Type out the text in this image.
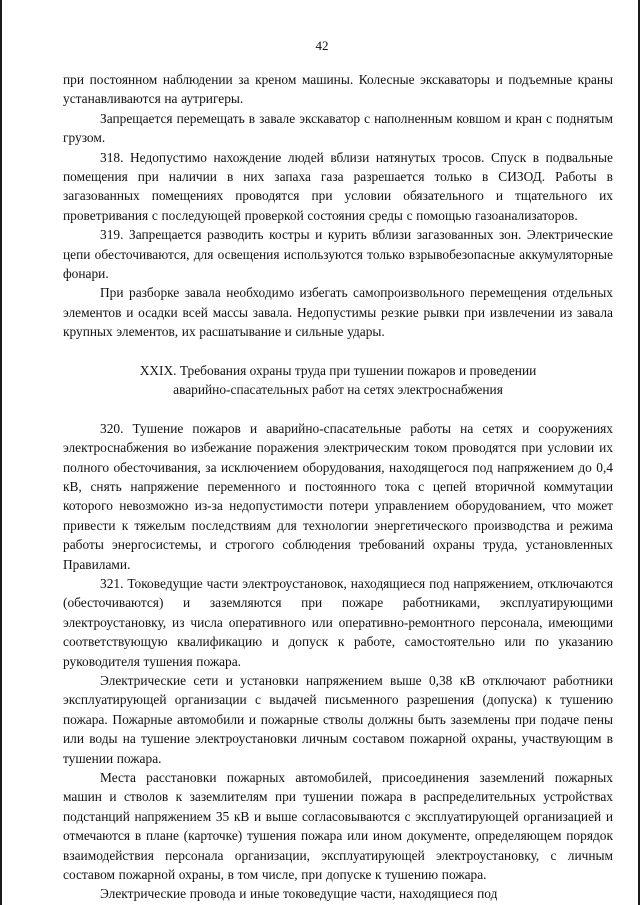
42

при постоянном наблюдении за креном машины. Колесные экскаваторы и подъемные краны устанавливаются на аутригеры.

Запрещается перемещать в завале экскаватор с наполненным ковшом и кран с поднятым грузом.

318. Недопустимо нахождение людей вблизи натянутых тросов. Спуск в подвальные помещения при наличии в них запаха газа разрешается только в СИЗОД. Работы в загазованных помещениях проводятся при условии обязательного и тщательного их проветривания с последующей проверкой состояния среды с помощью газоанализаторов.

319. Запрещается разводить костры и курить вблизи загазованных зон. Электрические цепи обесточиваются, для освещения используются только взрывобезопасные аккумуляторные фонари.

При разборке завала необходимо избегать самопроизвольного перемещения отдельных элементов и осадки всей массы завала. Недопустимы резкие рывки при извлечении из завала крупных элементов, их расшатывание и сильные удары.

XXIX. Требования охраны труда при тушении пожаров и проведении
аварийно-спасательных работ на сетях электроснабжения

320. Тушение пожаров и аварийно-спасательные работы на сетях и сооружениях электроснабжения во избежание поражения электрическим током проводятся при условии их полного обесточивания, за исключением оборудования, находящегося под напряжением до 0,4 кВ, снять напряжение переменного и постоянного тока с цепей вторичной коммутации которого невозможно из-за недопустимости потери управлением оборудованием, что может привести к тяжелым последствиям для технологии энергетического производства и режима работы энергосистемы, и строгого соблюдения требований охраны труда, установленных Правилами.

321. Токоведущие части электроустановок, находящиеся под напряжением, отключаются (обесточиваются) и заземляются при пожаре работниками, эксплуатирующими электроустановку, из числа оперативного или оперативно-ремонтного персонала, имеющими соответствующую квалификацию и допуск к работе, самостоятельно или по указанию руководителя тушения пожара.

Электрические сети и установки напряжением выше 0,38 кВ отключают работники эксплуатирующей организации с выдачей письменного разрешения (допуска) к тушению пожара. Пожарные автомобили и пожарные стволы должны быть заземлены при подаче пены или воды на тушение электроустановки личным составом пожарной охраны, участвующим в тушении пожара.

Места расстановки пожарных автомобилей, присоединения заземлений пожарных машин и стволов к заземлителям при тушении пожара в распределительных устройствах подстанций напряжением 35 кВ и выше согласовываются с эксплуатирующей организацией и отмечаются в плане (карточке) тушения пожара или ином документе, определяющем порядок взаимодействия персонала организации, эксплуатирующей электроустановку, с личным составом пожарной охраны, в том числе, при допуске к тушению пожара.

Электрические провода и иные токоведущие части, находящиеся под
